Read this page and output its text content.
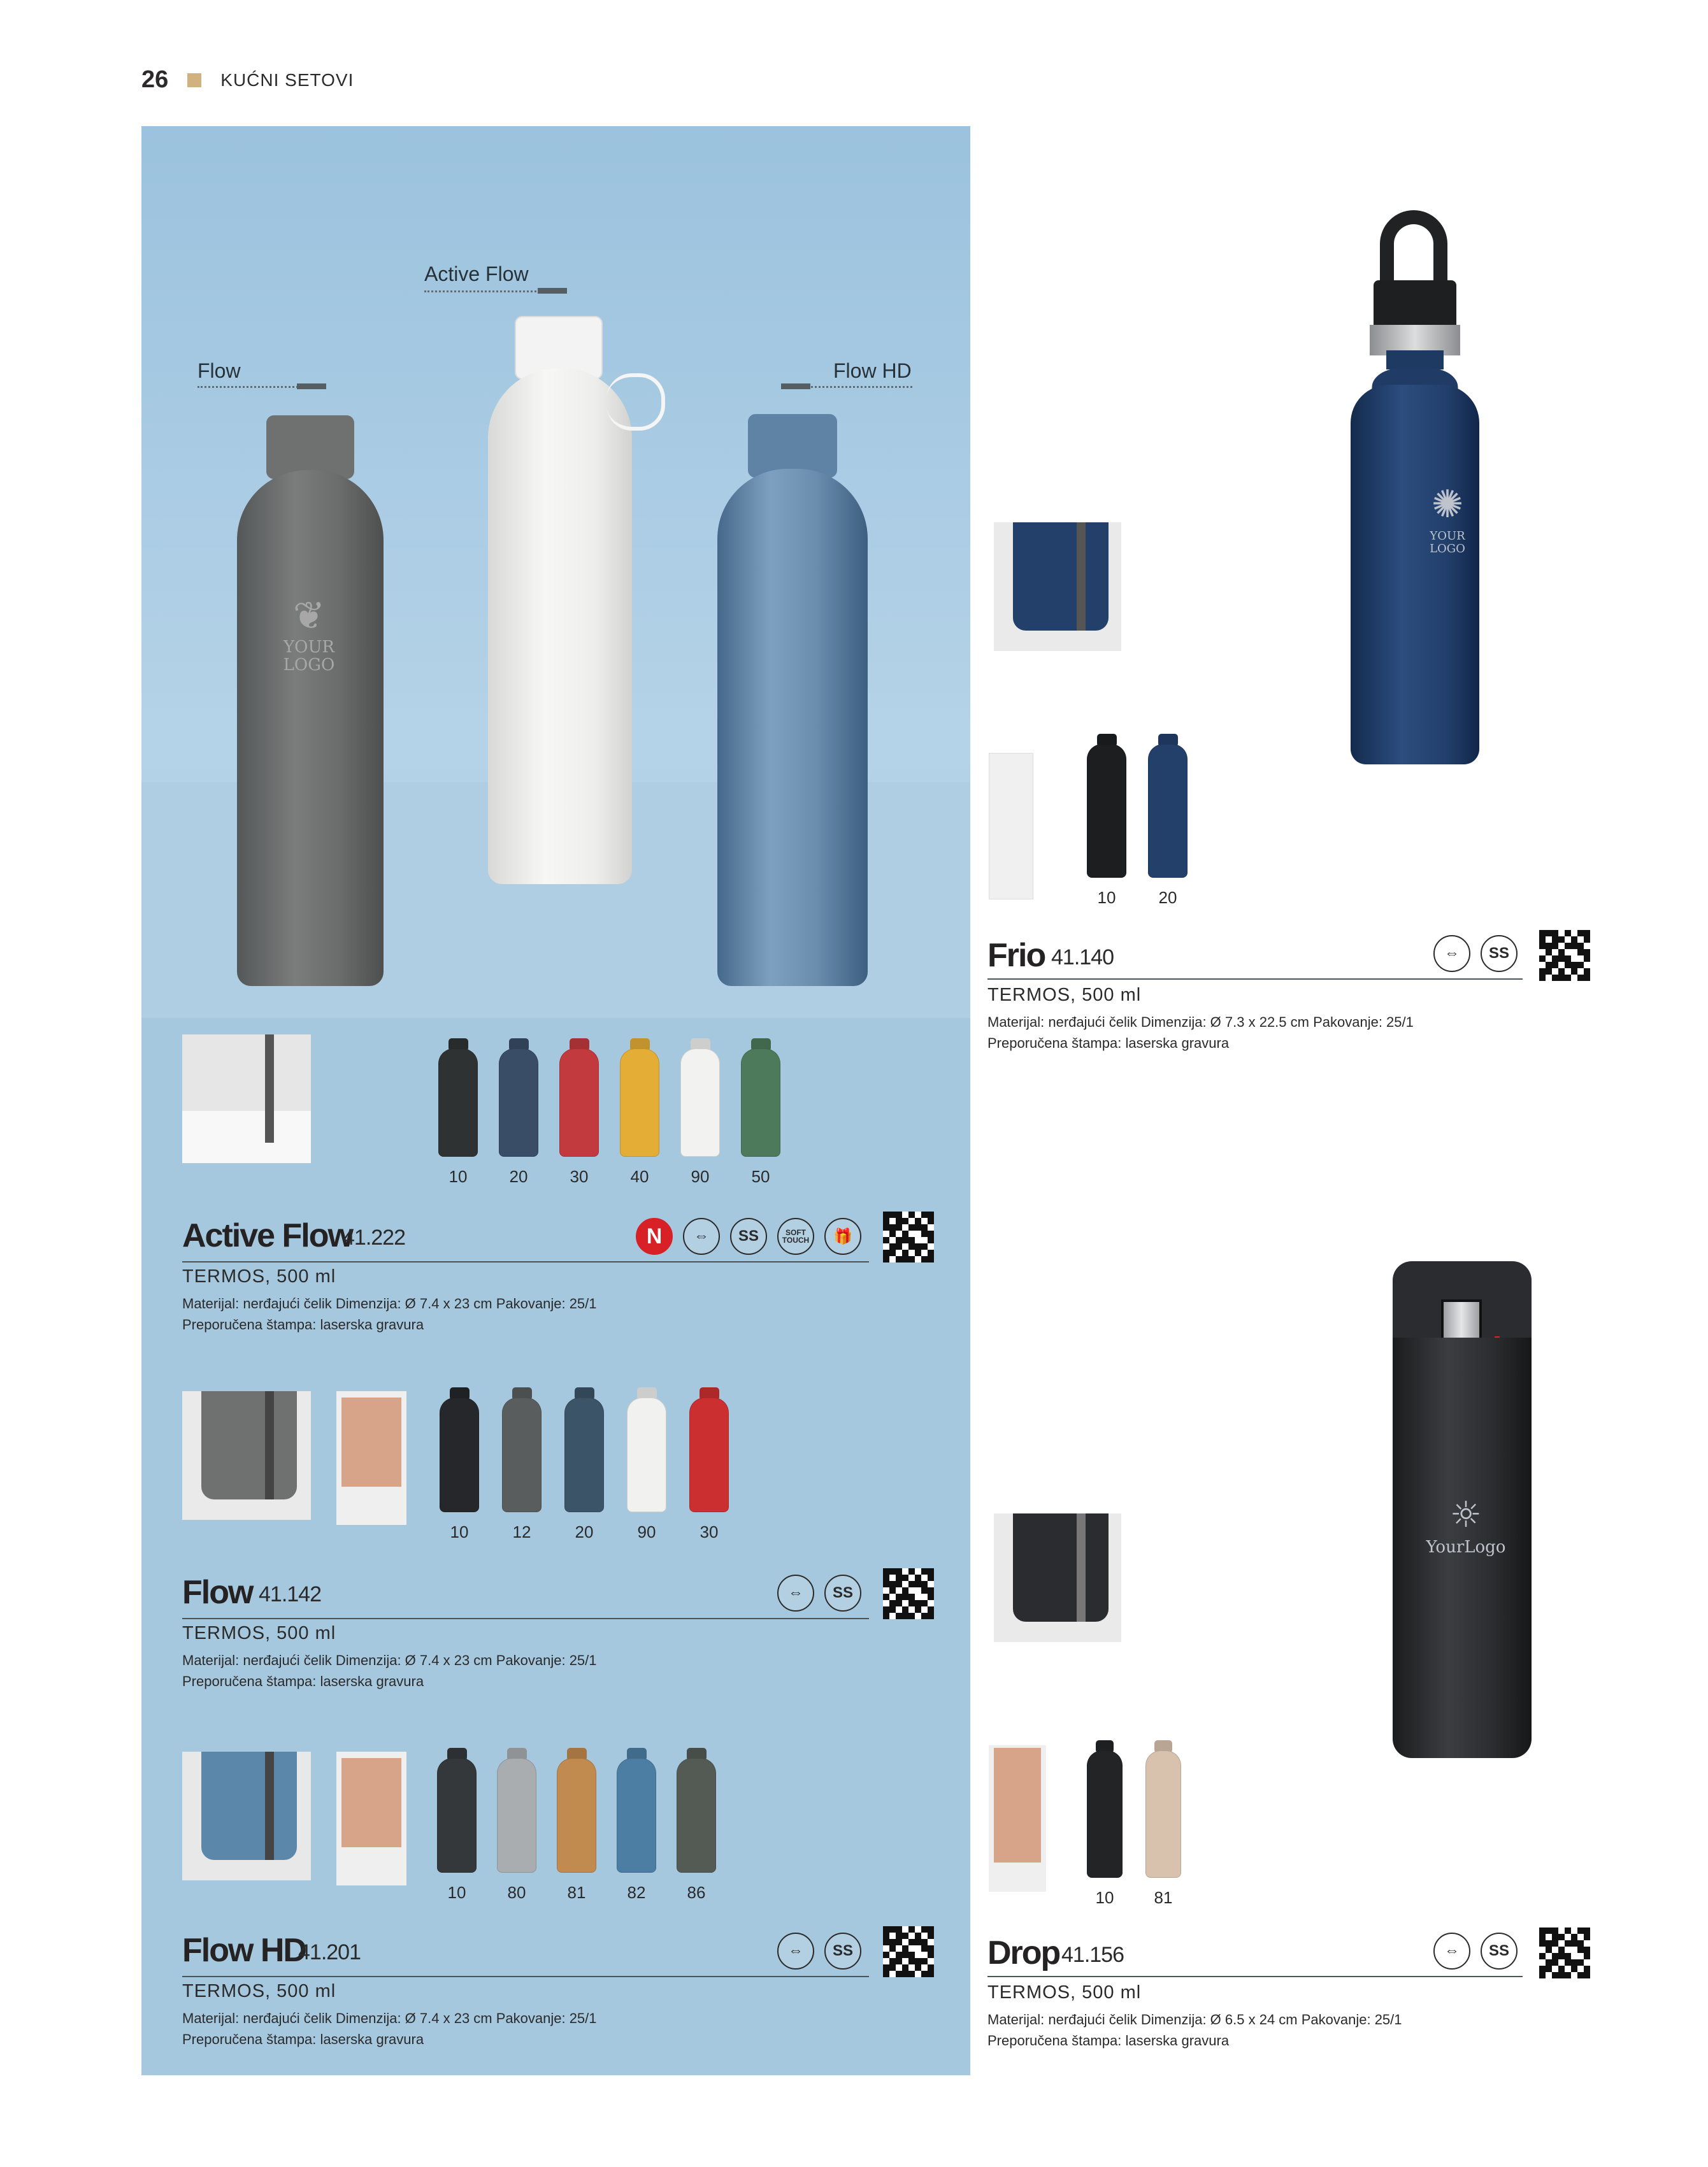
26	KUĆNI SETOVI
Flow
Active Flow
Flow HD
❦
YOUR LOGO
10	20	30	40	90	50
Active Flow
41.222	N	⇔	SS	SOFT TOUCH	🎁
TERMOS, 500 ml
Materijal: nerđajući čelik Dimenzija: Ø 7.4 x 23 cm Pakovanje: 25/1
Preporučena štampa: laserska gravura
10	12	20	90	30
Flow 41.142	⇔	SS
TERMOS, 500 ml
Materijal: nerđajući čelik Dimenzija: Ø 7.4 x 23 cm Pakovanje: 25/1
Preporučena štampa: laserska gravura
10	80	81	82	86
Flow HD
41.201	⇔	SS
TERMOS, 500 ml
Materijal: nerđajući čelik Dimenzija: Ø 7.4 x 23 cm Pakovanje: 25/1
Preporučena štampa: laserska gravura
✺
YOUR LOGO
10	20
Frio 41.140	⇔	SS
TERMOS, 500 ml
Materijal: nerđajući čelik Dimenzija: Ø 7.3 x 22.5 cm Pakovanje: 25/1
Preporučena štampa: laserska gravura
☼
YourLogo
10	81
Drop 41.156	⇔	SS
TERMOS, 500 ml
Materijal: nerđajući čelik Dimenzija: Ø 6.5 x 24 cm Pakovanje: 25/1
Preporučena štampa: laserska gravura
